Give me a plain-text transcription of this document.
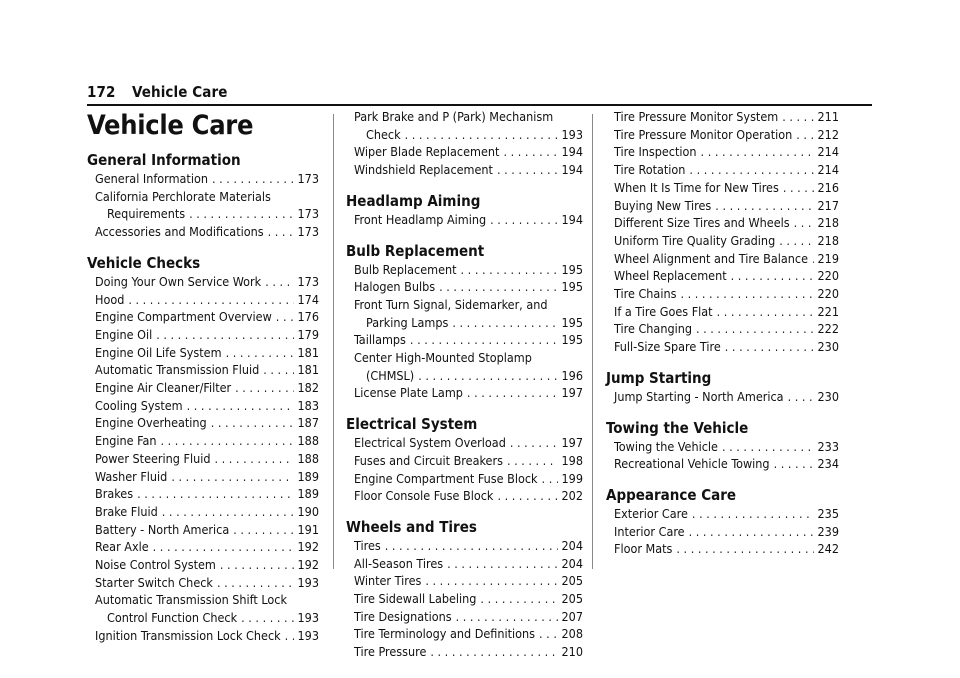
172 Vehicle Care
Vehicle Care
General Information
General Information . . .	173
California Perchlorate Materials
Requirements . . .	173
Accessories and Modifications . . .	173
Vehicle Checks
Doing Your Own Service Work . . .	173
Hood . . .	174
Engine Compartment Overview . . . 176
Engine Oil . . .	179
Engine Oil Life System . . .	181
Automatic Transmission Fluid . . .	181
Engine Air Cleaner/Filter . . .	182
Cooling System . . .	183
Engine Overheating . . .	187
Engine Fan . . .	188
Power Steering Fluid . . .	188
Washer Fluid . . .	189
Brakes . . .	189
Brake Fluid . . .	190
Battery - North America . . .	191
Rear Axle . . .	192
Noise Control System . . .	192
Starter Switch Check . . .	193
Automatic Transmission Shift Lock
Control Function Check . . .	193
Ignition Transmission Lock Check . . . 193
Park Brake and P (Park) Mechanism
Check . . .	193
Wiper Blade Replacement . . .	194
Windshield Replacement . . .	194
Headlamp Aiming
Front Headlamp Aiming . . .	194
Bulb Replacement
Bulb Replacement . . .	195
Halogen Bulbs . . .	195
Front Turn Signal, Sidemarker, and
Parking Lamps . . .	195
Taillamps . . .	195
Center High-Mounted Stoplamp
(CHMSL) . . .	196
License Plate Lamp . . .	197
Electrical System
Electrical System Overload . . .	197
Fuses and Circuit Breakers . . .	198
Engine Compartment Fuse Block . . . 199
Floor Console Fuse Block . . .	202
Wheels and Tires
Tires . . .	204
All-Season Tires . . .	204
Winter Tires . . .	205
Tire Sidewall Labeling . . .	205
Tire Designations . . .	207
Tire Terminology and Definitions . . . 208
Tire Pressure . . .	210
Tire Pressure Monitor System . . .	211
Tire Pressure Monitor Operation . . . 212
Tire Inspection . . .	214
Tire Rotation . . .	214
When It Is Time for New Tires . . .	216
Buying New Tires . . .	217
Different Size Tires and Wheels . . . 218
Uniform Tire Quality Grading . . .	218
Wheel Alignment and Tire Balance . . . 219
Wheel Replacement . . .	220
Tire Chains . . .	220
If a Tire Goes Flat . . .	221
Tire Changing . . .	222
Full-Size Spare Tire . . .	230
Jump Starting
Jump Starting - North America . . .	230
Towing the Vehicle
Towing the Vehicle . . .	233
Recreational Vehicle Towing . . .	234
Appearance Care
Exterior Care . . .	235
Interior Care . . .	239
Floor Mats . . .	242
